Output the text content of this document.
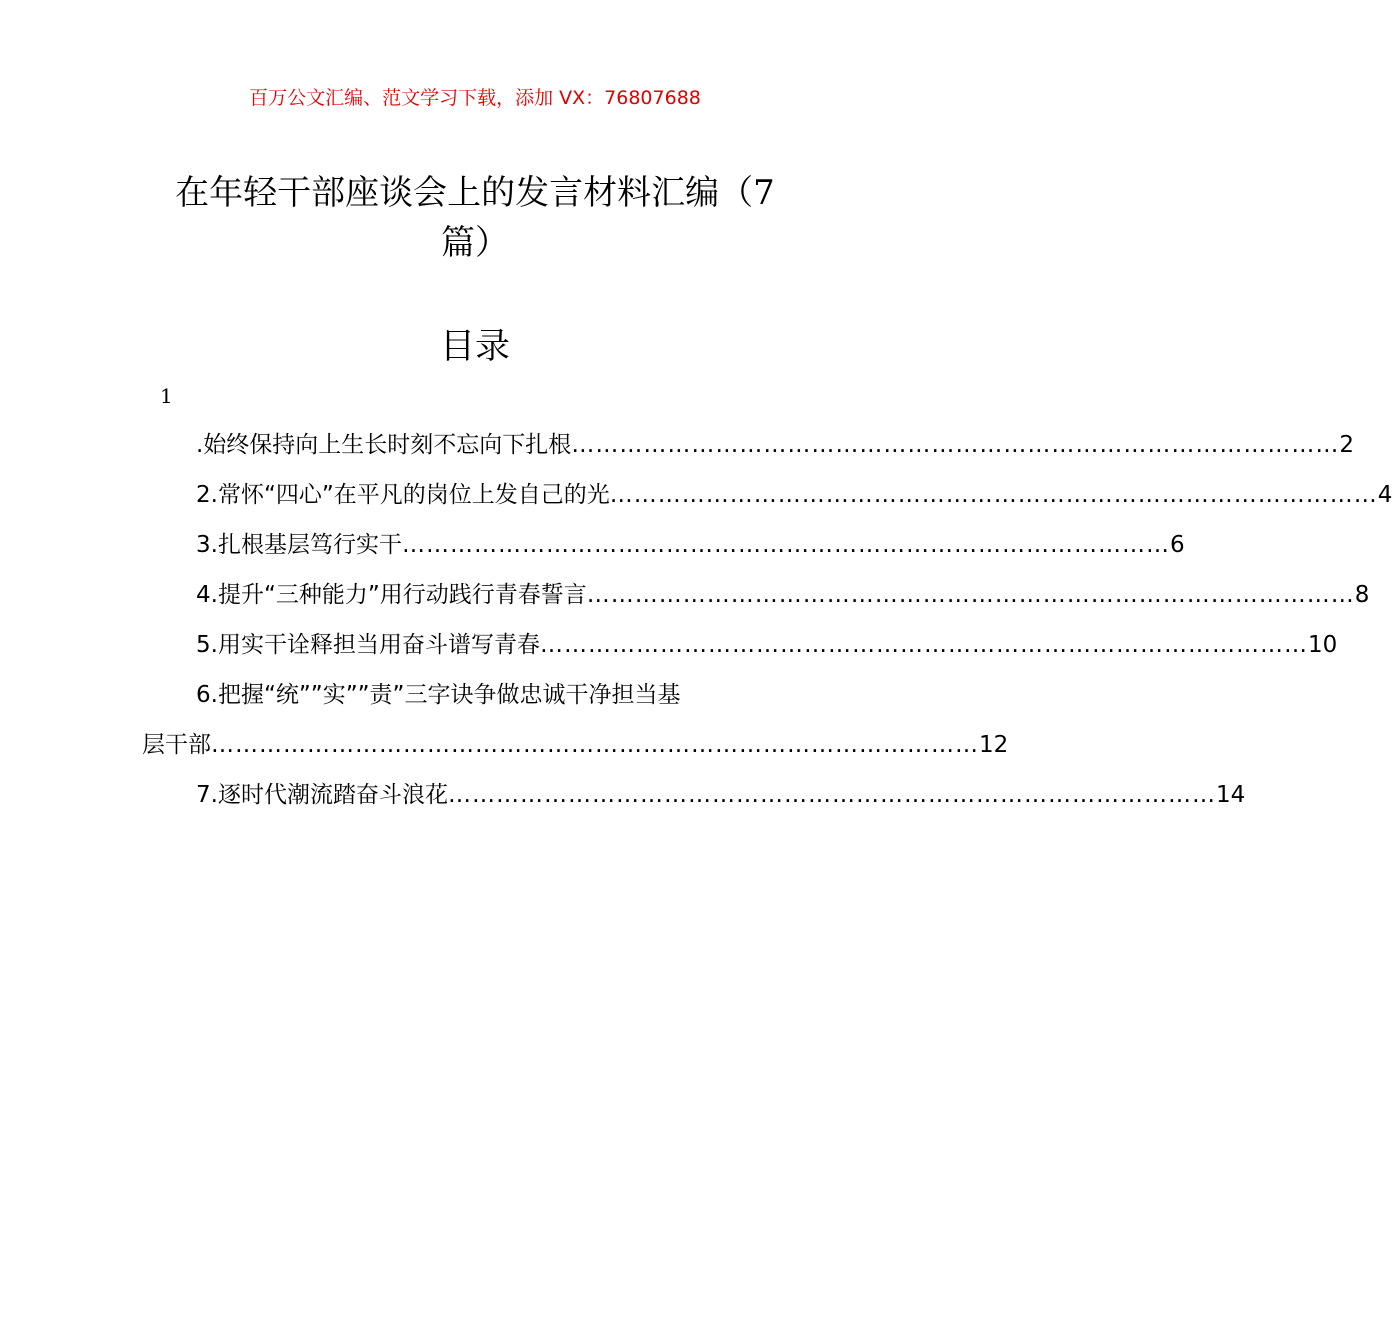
百万公文汇编、范文学习下载，添加 VX：76807688
在年轻干部座谈会上的发言材料汇编（7
篇）
目录
1
.始终保持向上生长时刻不忘向下扎根 …………………………………………………………………………………… 2
2.常怀“四心”在平凡的岗位上发自己的光 …………………………………………………………………………………… 4
3.扎根基层笃行实干 …………………………………………………………………………………… 6
4.提升“三种能力”用行动践行青春誓言 …………………………………………………………………………………… 8
5.用实干诠释担当用奋斗谱写青春 …………………………………………………………………………………… 10
6.把握“统””实””责”三字诀争做忠诚干净担当基
层干部 …………………………………………………………………………………… 12
7.逐时代潮流踏奋斗浪花 …………………………………………………………………………………… 14
